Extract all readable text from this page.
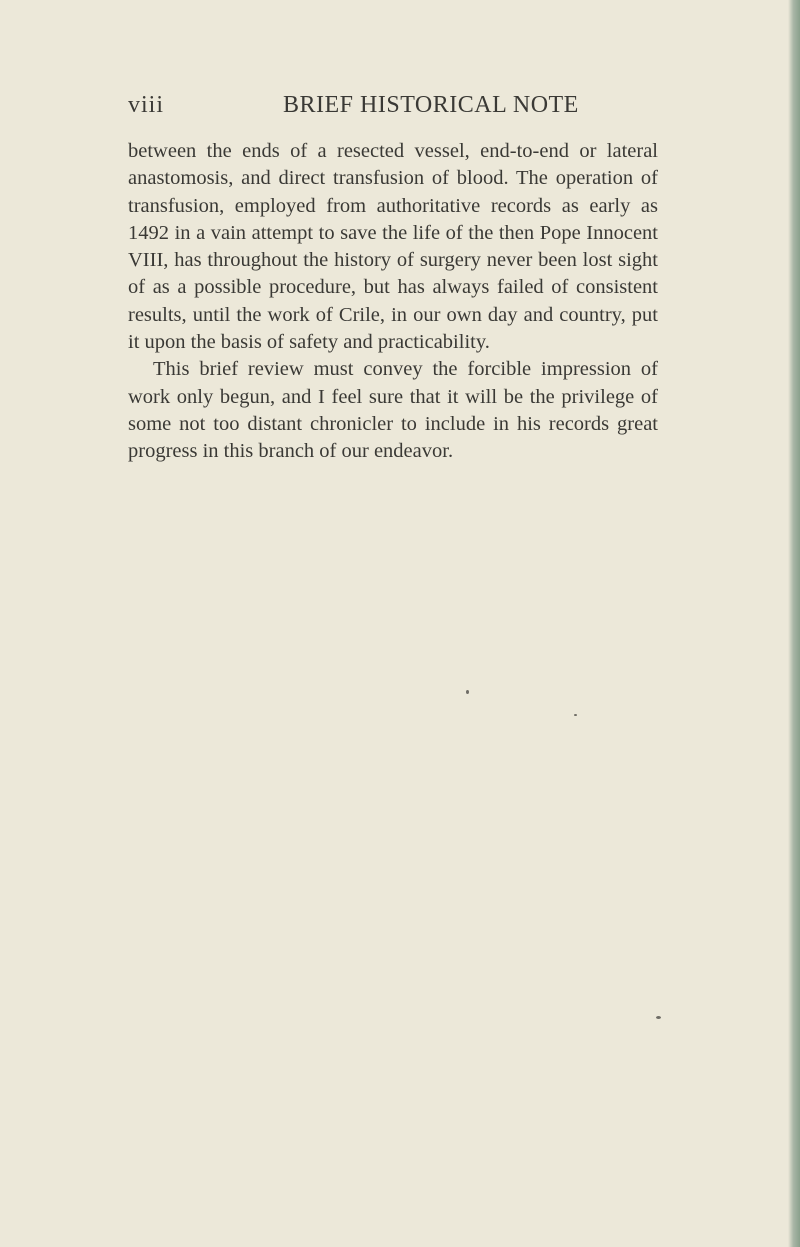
viii	BRIEF HISTORICAL NOTE

between the ends of a resected vessel, end-to-end or lateral anastomosis, and direct transfusion of blood. The operation of transfusion, employed from authoritative records as early as 1492 in a vain attempt to save the life of the then Pope Innocent VIII, has throughout the history of surgery never been lost sight of as a possible procedure, but has always failed of consistent results, until the work of Crile, in our own day and country, put it upon the basis of safety and practicability.

This brief review must convey the forcible impression of work only begun, and I feel sure that it will be the privilege of some not too distant chronicler to include in his records great progress in this branch of our endeavor.
